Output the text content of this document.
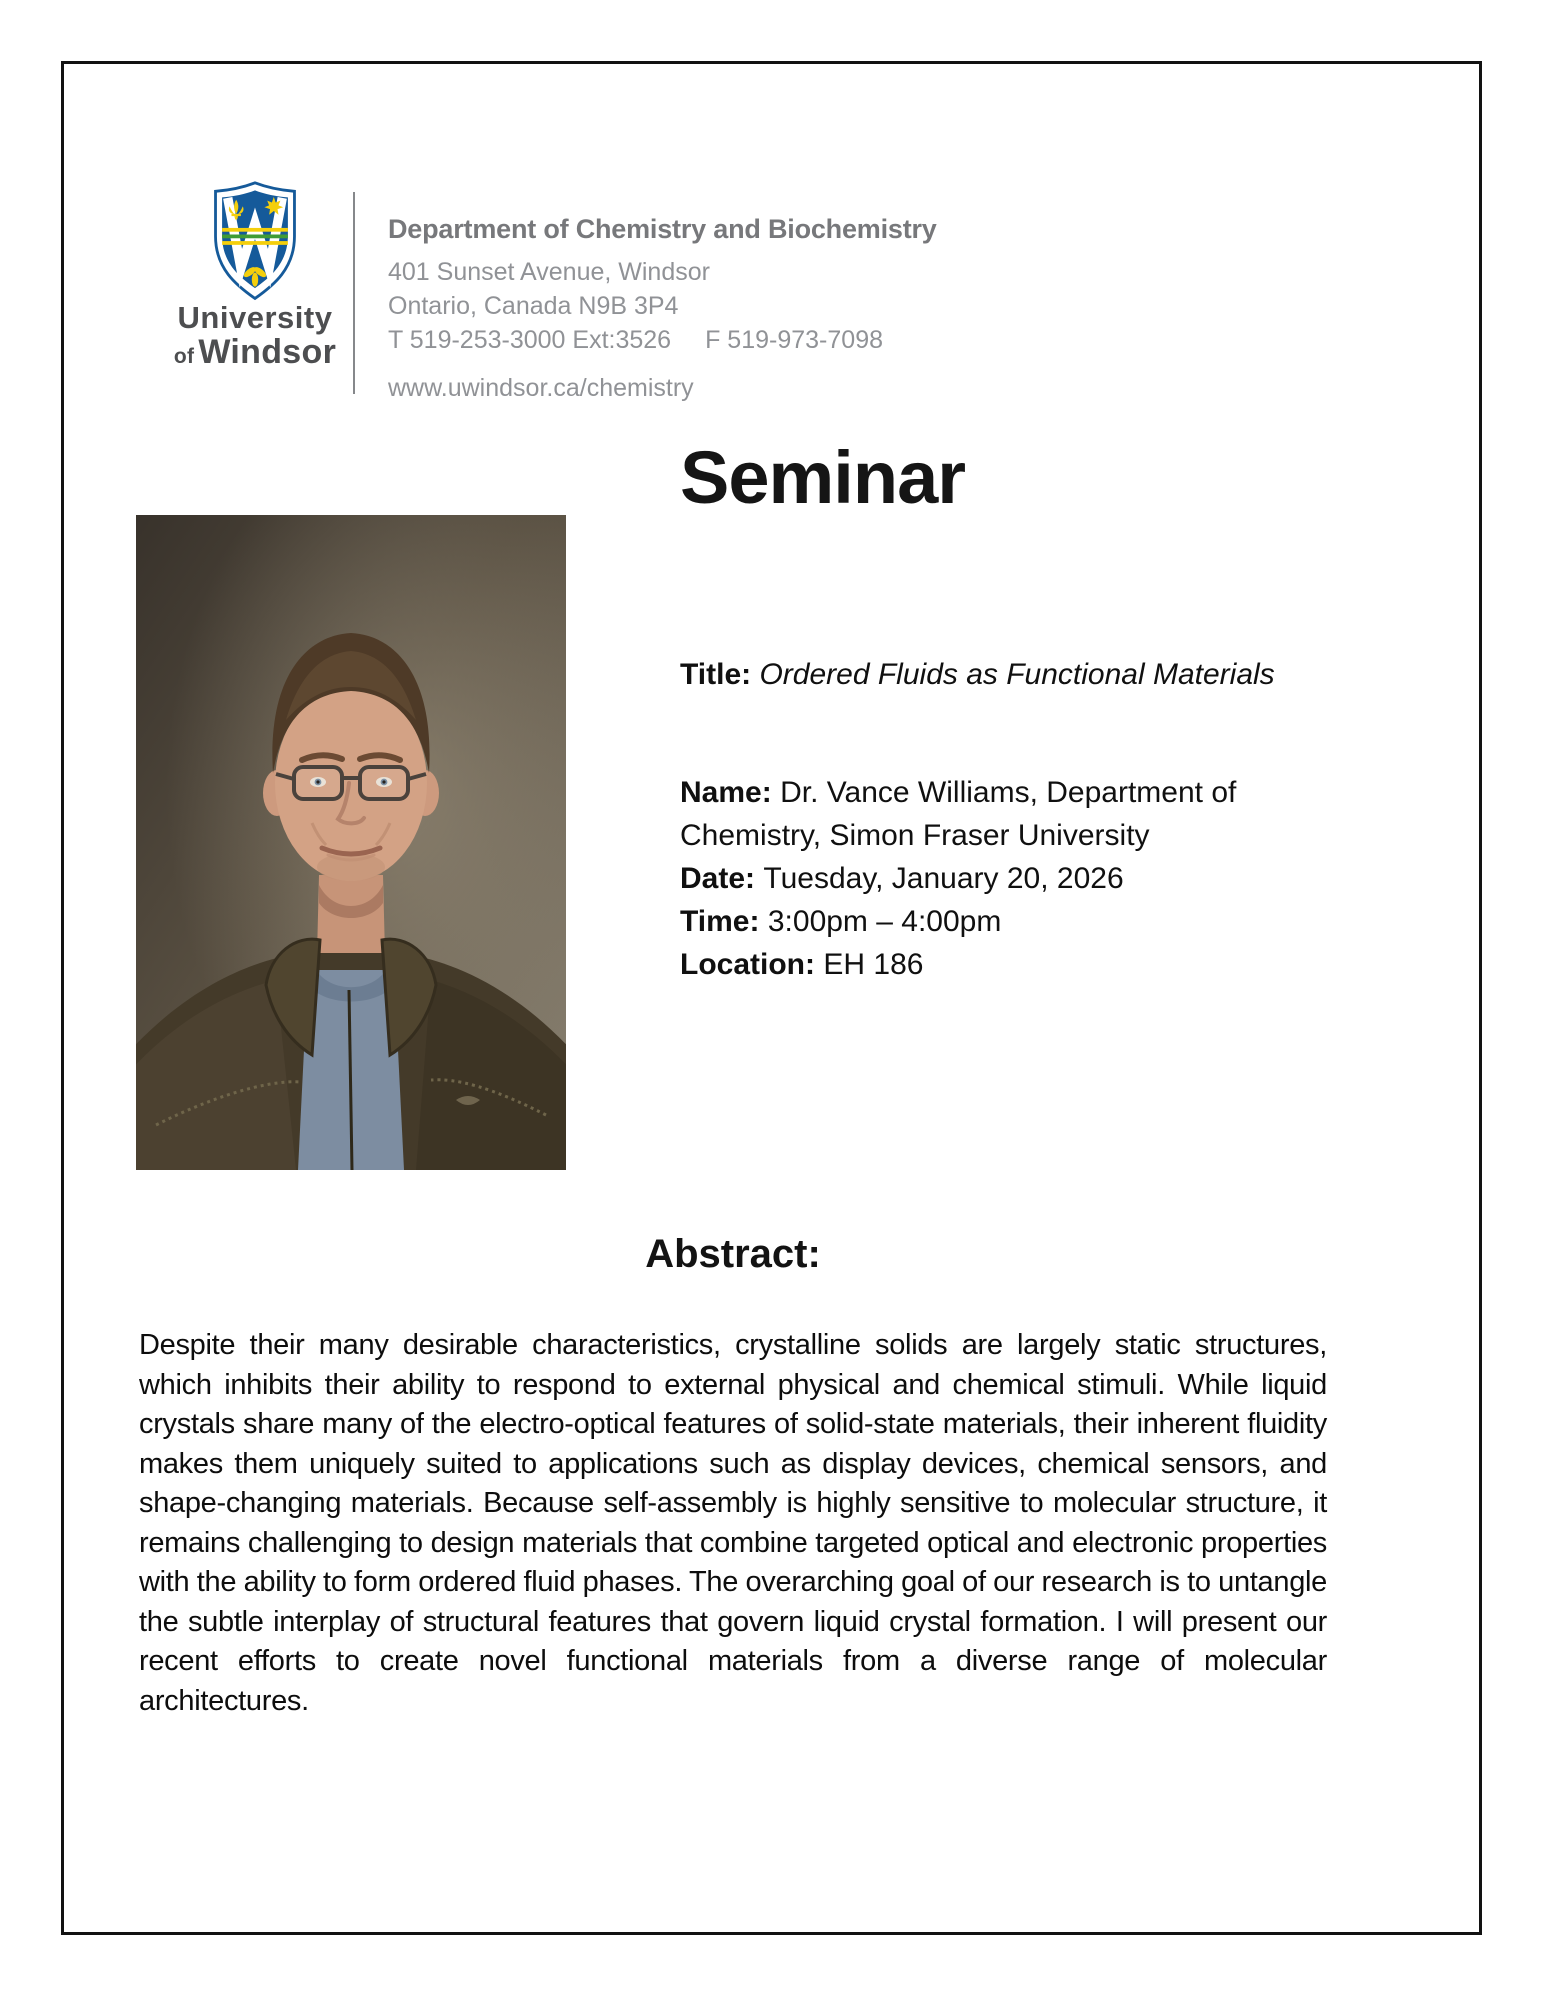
University
of Windsor
Department of Chemistry and Biochemistry
401 Sunset Avenue, Windsor
Ontario, Canada N9B 3P4
T 519-253-3000 Ext:3526 F 519-973-7098
www.uwindsor.ca/chemistry
Seminar
Title: Ordered Fluids as Functional Materials
Name: Dr. Vance Williams, Department of
Chemistry, Simon Fraser University
Date: Tuesday, January 20, 2026
Time: 3:00pm – 4:00pm
Location: EH 186
Abstract:

Despite their many desirable characteristics, crystalline solids are largely static structures, which inhibits their ability to respond to external physical and chemical stimuli. While liquid crystals share many of the electro-optical features of solid-state materials, their inherent fluidity makes them uniquely suited to applications such as display devices, chemical sensors, and shape-changing materials. Because self-assembly is highly sensitive to molecular structure, it remains challenging to design materials that combine targeted optical and electronic properties with the ability to form ordered fluid phases. The overarching goal of our research is to untangle the subtle interplay of structural features that govern liquid crystal formation. I will present our recent efforts to create novel functional materials from a diverse range of molecular architectures.
